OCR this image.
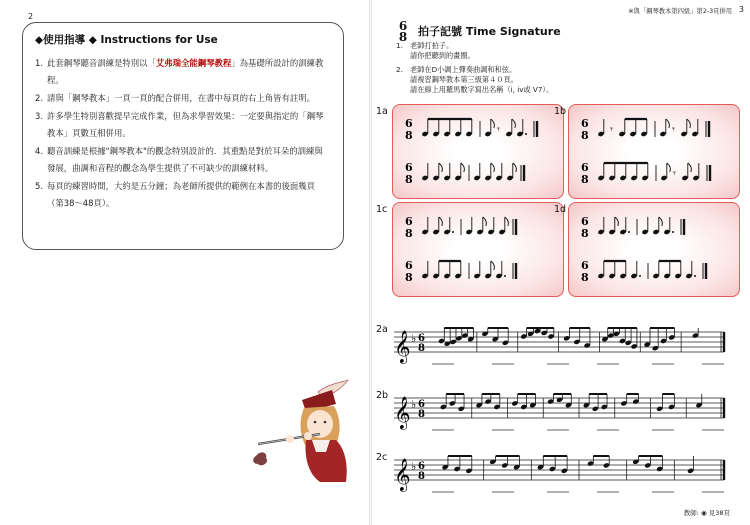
2
◆使用指導 ◆ Instructions for Use
1. 此套鋼琴聽音訓練是特別以「艾弗瑞全能鋼琴教程」為基礎所設計的訓練教程。
2. 請與「鋼琴教本」一頁一頁的配合併用，在書中每頁的右上角皆有註明。
3. 許多學生特別喜歡提早完成作業，但為求學習效果：一定要與指定的「鋼琴教本」頁數互相併用。
4. 聽音訓練是根據"鋼琴教本"的觀念特別設計的．其重點是對於耳朵的訓練與發展，曲調和音程的觀念為學生提供了不可缺少的訓練材料。
5. 每頁的練習時間，大約是五分鐘；為老師所提供的範例在本書的後面幾頁（第38～48頁）。
3
※與「鋼琴教本第四級」第2-3頁併用
6
8 拍子記號 Time Signature
1. 老師打拍子。
請你把聽到的畫圈。
2. 老師在D小調上彈奏曲調和和弦。
請複習鋼琴教本第三級第４０頁。
請在線上用羅馬數字寫出名稱（i, iv或 V7）。
1a
6
8	𝄾
6
8
1b
6
8 𝄾	𝄾
6
8	𝄾
1c
6
8
6
8
1d
6
8
6
8
2a
𝄞 ♭ 6
8
2b
𝄞 ♭ 6
8
2c
𝄞 ♭ 6
8
教師: ◉ 見38頁
